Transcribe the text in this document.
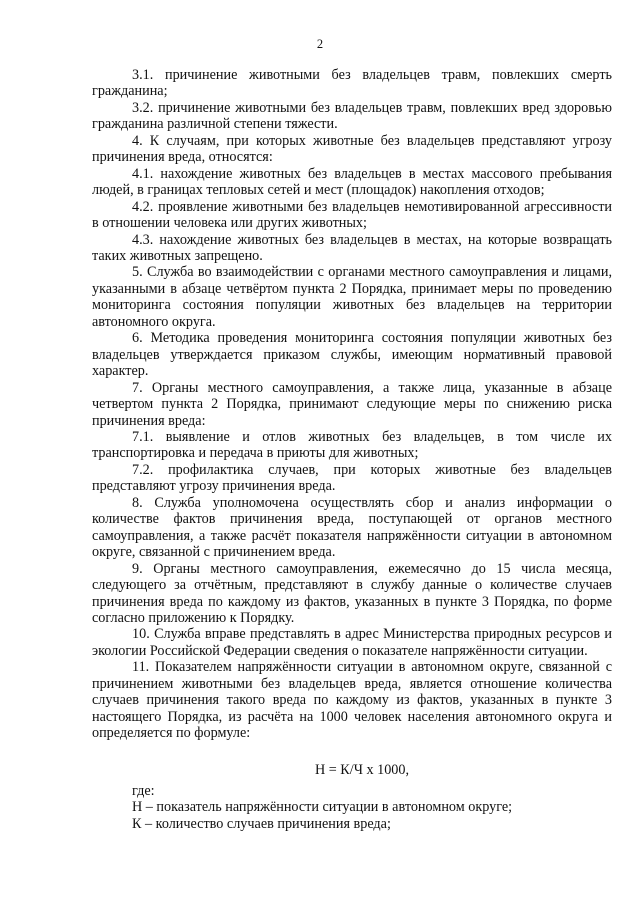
2

3.1. причинение животными без владельцев травм, повлекших смерть гражданина;

3.2. причинение животными без владельцев травм, повлекших вред здоровью гражданина различной степени тяжести.

4. К случаям, при которых животные без владельцев представляют угрозу причинения вреда, относятся:

4.1. нахождение животных без владельцев в местах массового пребывания людей, в границах тепловых сетей и мест (площадок) накопления отходов;

4.2. проявление животными без владельцев немотивированной агрессивности в отношении человека или других животных;

4.3. нахождение животных без владельцев в местах, на которые возвращать таких животных запрещено.

5. Служба во взаимодействии с органами местного самоуправления и лицами, указанными в абзаце четвёртом пункта 2 Порядка, принимает меры по проведению мониторинга состояния популяции животных без владельцев на территории автономного округа.

6. Методика проведения мониторинга состояния популяции животных без владельцев утверждается приказом службы, имеющим нормативный правовой характер.

7. Органы местного самоуправления, а также лица, указанные в абзаце четвертом пункта 2 Порядка, принимают следующие меры по снижению риска причинения вреда:

7.1. выявление и отлов животных без владельцев, в том числе их транспортировка и передача в приюты для животных;

7.2. профилактика случаев, при которых животные без владельцев представляют угрозу причинения вреда.

8. Служба уполномочена осуществлять сбор и анализ информации о количестве фактов причинения вреда, поступающей от органов местного самоуправления, а также расчёт показателя напряжённости ситуации в автономном округе, связанной с причинением вреда.

9. Органы местного самоуправления, ежемесячно до 15 числа месяца, следующего за отчётным, представляют в службу данные о количестве случаев причинения вреда по каждому из фактов, указанных в пункте 3 Порядка, по форме согласно приложению к Порядку.

10. Служба вправе представлять в адрес Министерства природных ресурсов и экологии Российской Федерации сведения о показателе напряжённости ситуации.

11. Показателем напряжённости ситуации в автономном округе, связанной с причинением животными без владельцев вреда, является отношение количества случаев причинения такого вреда по каждому из фактов, указанных в пункте 3 настоящего Порядка, из расчёта на 1000 человек населения автономного округа и определяется по формуле:

Н = К/Ч х 1000,

где:

Н – показатель напряжённости ситуации в автономном округе;

К – количество случаев причинения вреда;
